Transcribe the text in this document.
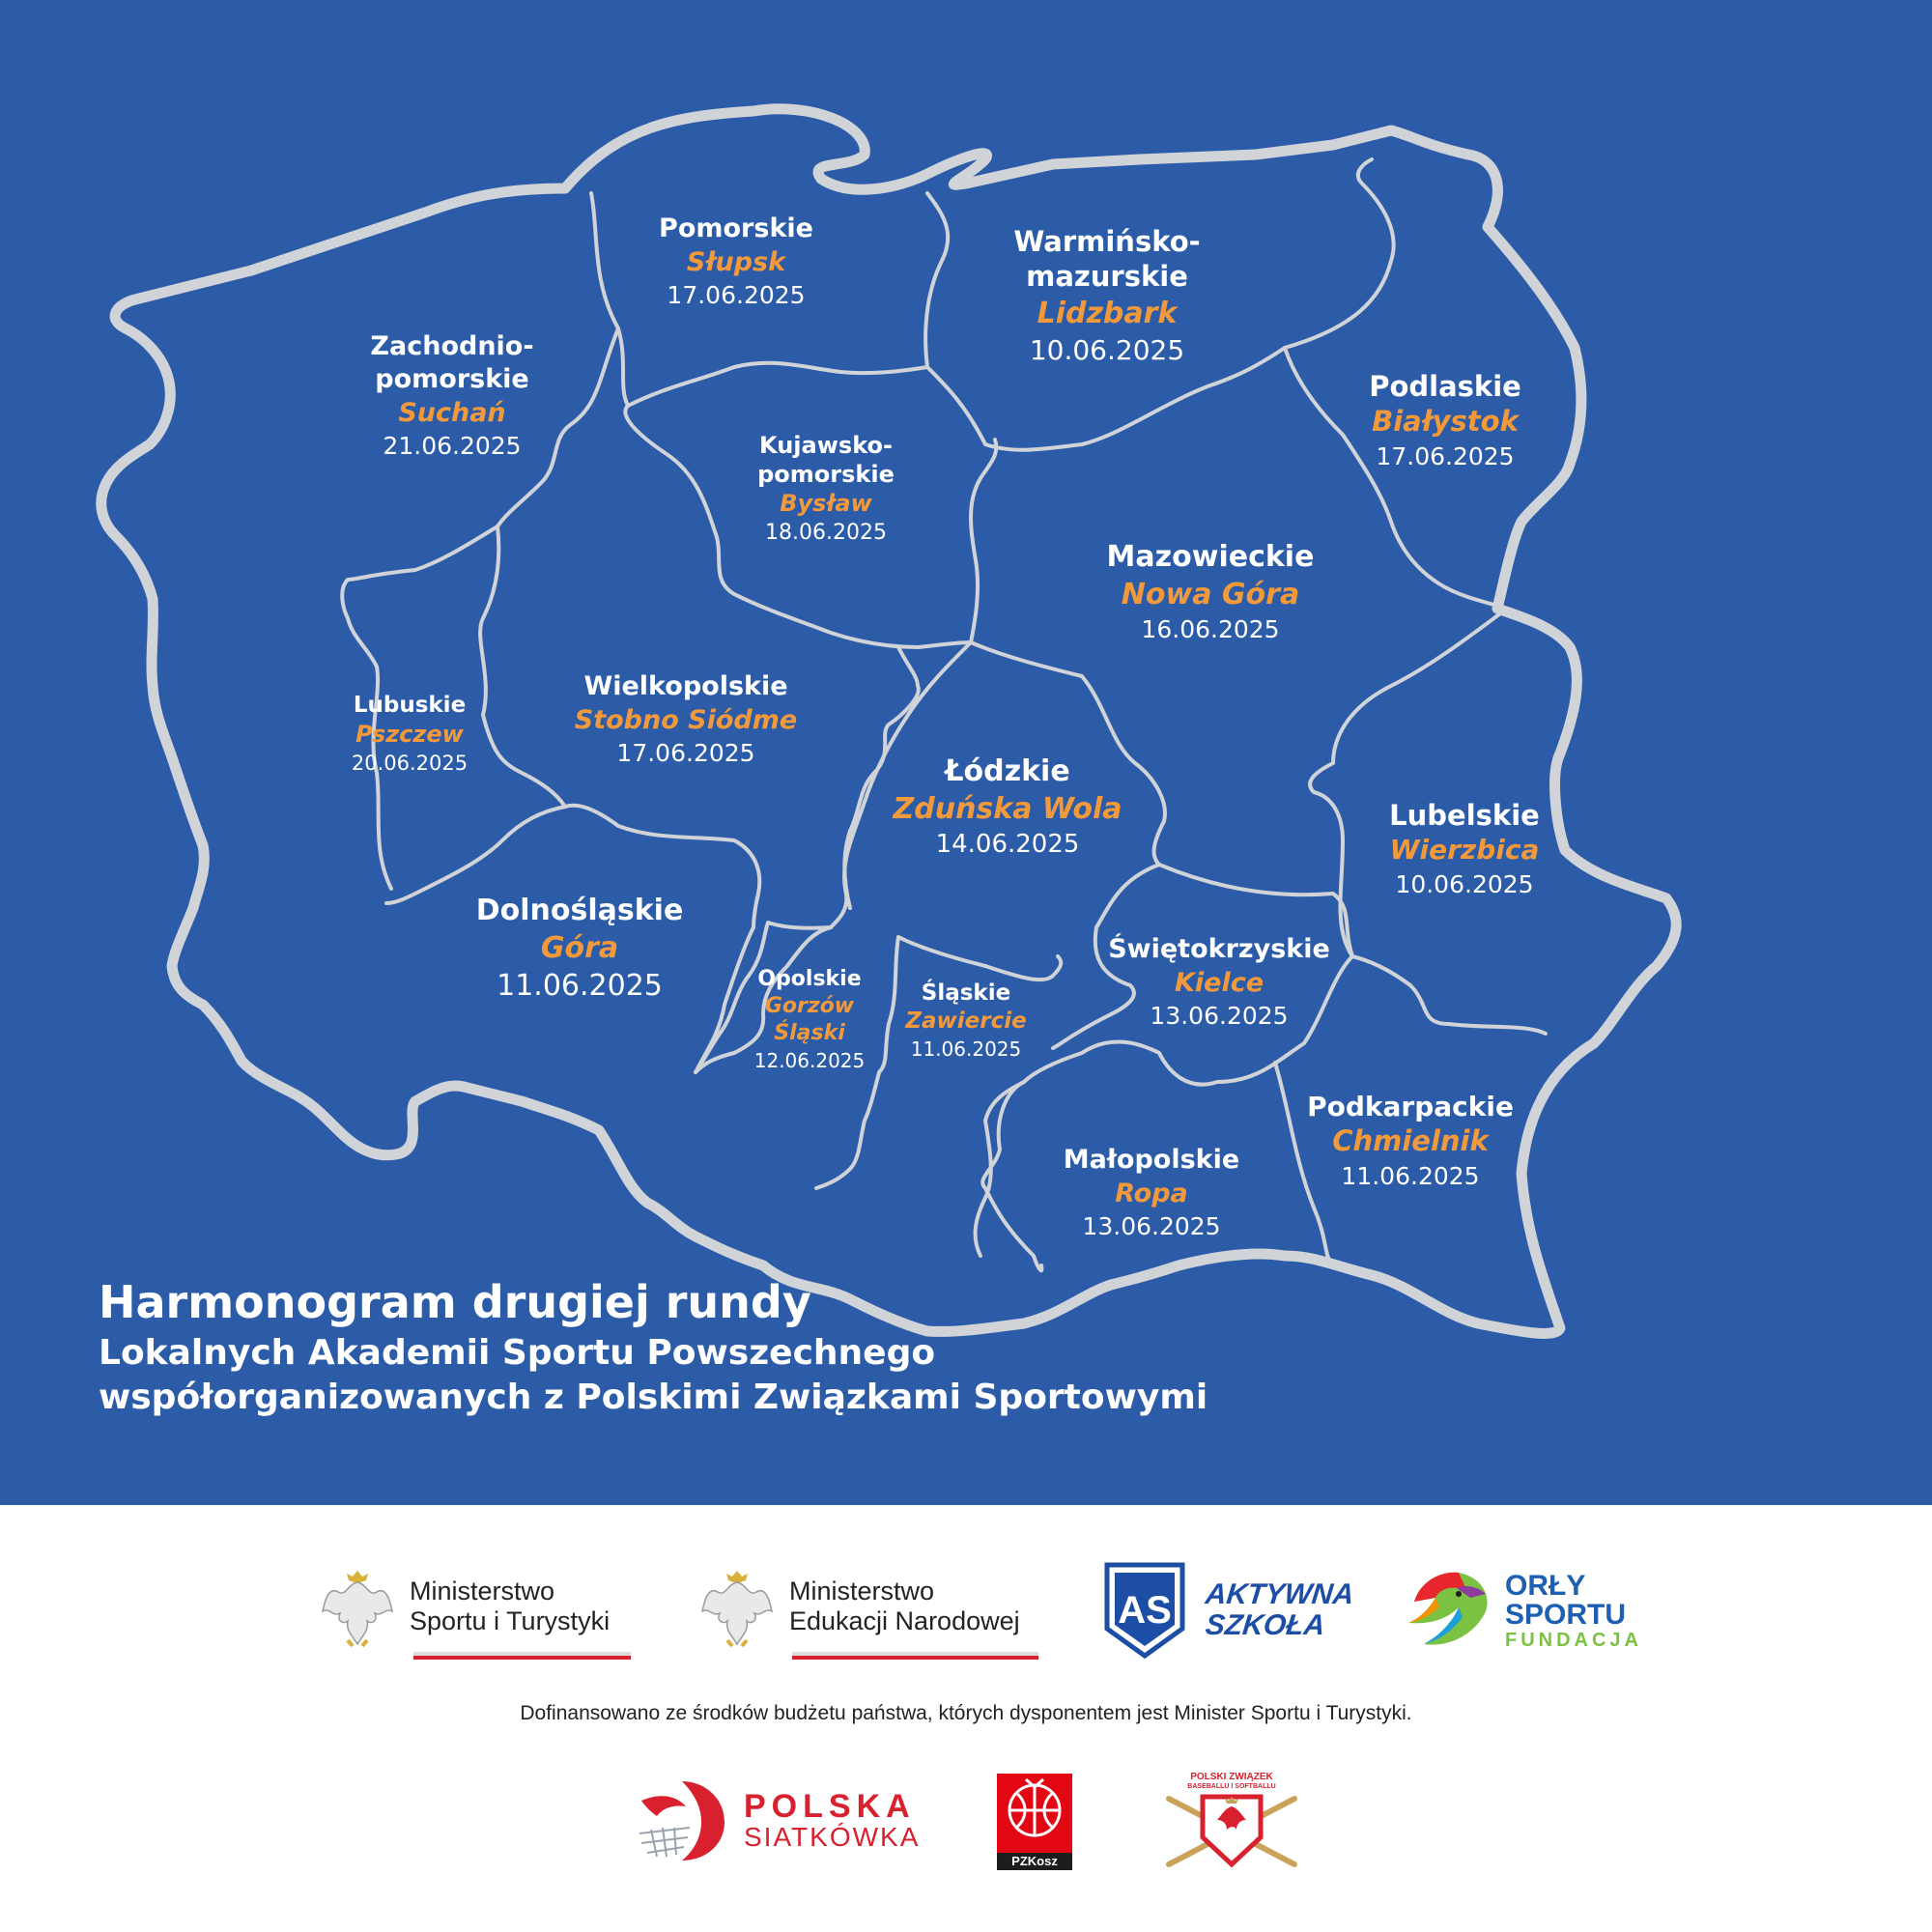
Pomorskie
Słupsk
17.06.2025
Warmińsko-
mazurskie
Lidzbark
10.06.2025
Zachodnio-
pomorskie
Suchań
21.06.2025
Podlaskie
Białystok
17.06.2025
Kujawsko-
pomorskie
Bysław
18.06.2025
Mazowieckie
Nowa Góra
16.06.2025
Lubuskie
Pszczew
20.06.2025
Wielkopolskie
Stobno Siódme
17.06.2025
Łódzkie
Zduńska Wola
14.06.2025
Lubelskie
Wierzbica
10.06.2025
Dolnośląskie
Góra
11.06.2025	Opolskie
Gorzów
Śląski
12.06.2025
Śląskie
Zawiercie
11.06.2025
Świętokrzyskie
Kielce
13.06.2025
Podkarpackie
Chmielnik
11.06.2025
Małopolskie
Ropa
13.06.2025
Harmonogram drugiej rundy
Lokalnych Akademii Sportu Powszechnego
współorganizowanych z Polskimi Związkami Sportowymi
Ministerstwo
Sportu i Turystyki
Ministerstwo
Edukacji Narodowej	AS AKTYWNA
SZKOŁA
ORŁY
SPORTU
FUNDACJA
Dofinansowano ze środków budżetu państwa, których dysponentem jest Minister Sportu i Turystyki.
POLSKA
SIATKÓWKA
PZKosz
POLSKI ZWIĄZEK
BASEBALLU I SOFTBALLU
